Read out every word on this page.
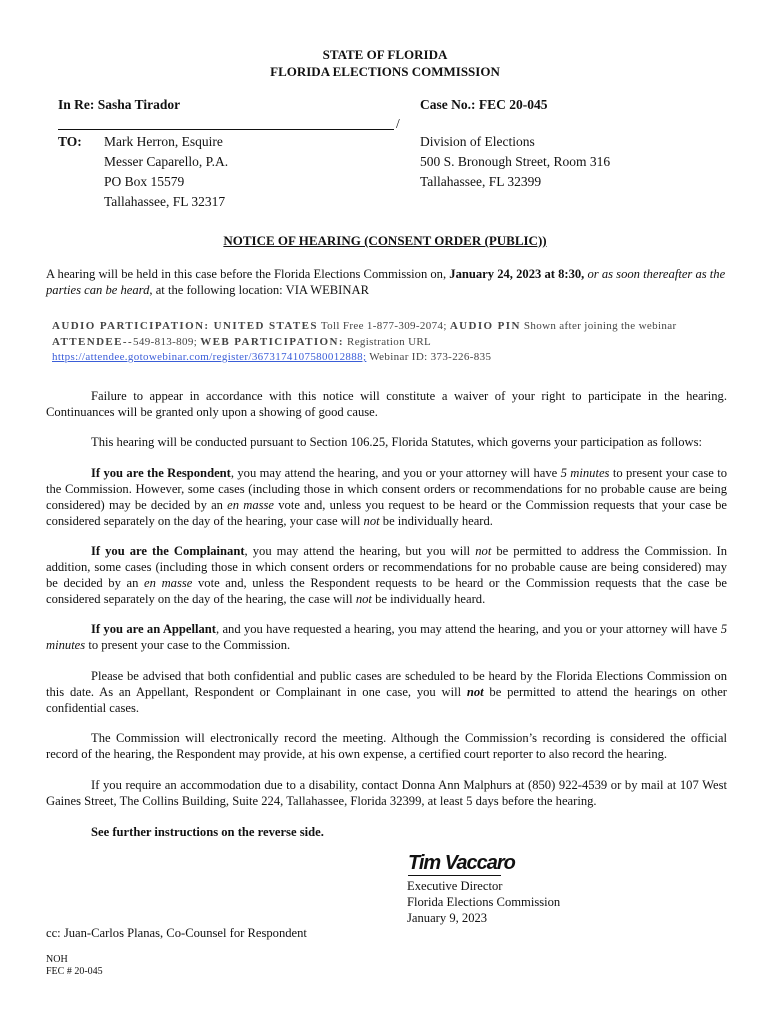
STATE OF FLORIDA
FLORIDA ELECTIONS COMMISSION
In Re: Sasha Tirador	Case No.: FEC 20-045
/
TO: Mark Herron, Esquire
Messer Caparello, P.A.
PO Box 15579
Tallahassee, FL 32317
Division of Elections
500 S. Bronough Street, Room 316
Tallahassee, FL 32399
NOTICE OF HEARING (CONSENT ORDER (PUBLIC))
A hearing will be held in this case before the Florida Elections Commission on, January 24, 2023 at 8:30, or as soon thereafter as the parties can be heard, at the following location: VIA WEBINAR
AUDIO PARTICIPATION: UNITED STATES Toll Free 1-877-309-2074; AUDIO PIN Shown after joining the webinar
ATTENDEE--549-813-809; WEB PARTICIPATION: Registration URL
https://attendee.gotowebinar.com/register/3673174107580012888; Webinar ID: 373-226-835
Failure to appear in accordance with this notice will constitute a waiver of your right to participate in the hearing. Continuances will be granted only upon a showing of good cause.
This hearing will be conducted pursuant to Section 106.25, Florida Statutes, which governs your participation as follows:
If you are the Respondent, you may attend the hearing, and you or your attorney will have 5 minutes to present your case to the Commission. However, some cases (including those in which consent orders or recommendations for no probable cause are being considered) may be decided by an en masse vote and, unless you request to be heard or the Commission requests that your case be considered separately on the day of the hearing, your case will not be individually heard.
If you are the Complainant, you may attend the hearing, but you will not be permitted to address the Commission. In addition, some cases (including those in which consent orders or recommendations for no probable cause are being considered) may be decided by an en masse vote and, unless the Respondent requests to be heard or the Commission requests that the case be considered separately on the day of the hearing, the case will not be individually heard.
If you are an Appellant, and you have requested a hearing, you may attend the hearing, and you or your attorney will have 5 minutes to present your case to the Commission.
Please be advised that both confidential and public cases are scheduled to be heard by the Florida Elections Commission on this date. As an Appellant, Respondent or Complainant in one case, you will not be permitted to attend the hearings on other confidential cases.
The Commission will electronically record the meeting. Although the Commission’s recording is considered the official record of the hearing, the Respondent may provide, at his own expense, a certified court reporter to also record the hearing.
If you require an accommodation due to a disability, contact Donna Ann Malphurs at (850) 922-4539 or by mail at 107 West Gaines Street, The Collins Building, Suite 224, Tallahassee, Florida 32399, at least 5 days before the hearing.
See further instructions on the reverse side.
Tim Vaccaro
Executive Director
Florida Elections Commission
January 9, 2023
cc: Juan-Carlos Planas, Co-Counsel for Respondent
NOH
FEC # 20-045
